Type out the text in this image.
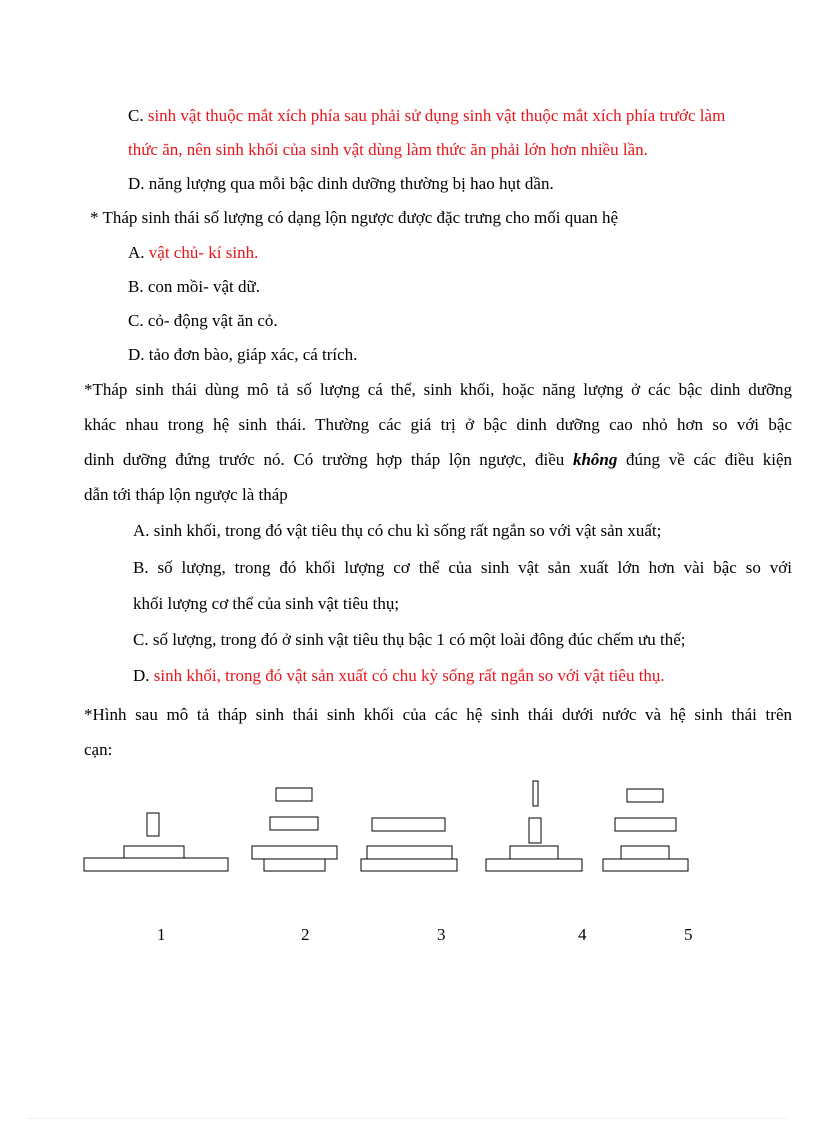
C. sinh vật thuộc mắt xích phía sau phải sử dụng sinh vật thuộc mắt xích phía trước làm
thức ăn, nên sinh khối của sinh vật dùng làm thức ăn phải lớn hơn nhiều lần.
D. năng lượng qua mỗi bậc dinh dưỡng thường bị hao hụt dần.
* Tháp sinh thái số lượng có dạng lộn ngược được đặc trưng cho mối quan hệ
A. vật chủ- kí sinh.
B. con mồi- vật dữ.
C. cỏ- động vật ăn cỏ.
D. tảo đơn bào, giáp xác, cá trích.
*Tháp sinh thái dùng mô tả số lượng cá thể, sinh khối, hoặc năng lượng ở các bậc dinh dưỡng
khác nhau trong hệ sinh thái. Thường các giá trị ở bậc dinh dưỡng cao nhỏ hơn so với bậc
dinh dưỡng đứng trước nó. Có trường hợp tháp lộn ngược, điều không đúng về các điều kiện
dẫn tới tháp lộn ngược là tháp
A. sinh khối, trong đó vật tiêu thụ có chu kì sống rất ngắn so với vật sản xuất;
B. số lượng, trong đó khối lượng cơ thể của sinh vật sản xuất lớn hơn vài bậc so với
khối lượng cơ thể của sinh vật tiêu thụ;
C. số lượng, trong đó ở sinh vật tiêu thụ bậc 1 có một loài đông đúc chếm ưu thế;
D. sinh khối, trong đó vật sản xuất có chu kỳ sống rất ngắn so với vật tiêu thụ.
*Hình sau mô tả tháp sinh thái sinh khối của các hệ sinh thái dưới nước và hệ sinh thái trên
cạn:
1	2	3	4	5
